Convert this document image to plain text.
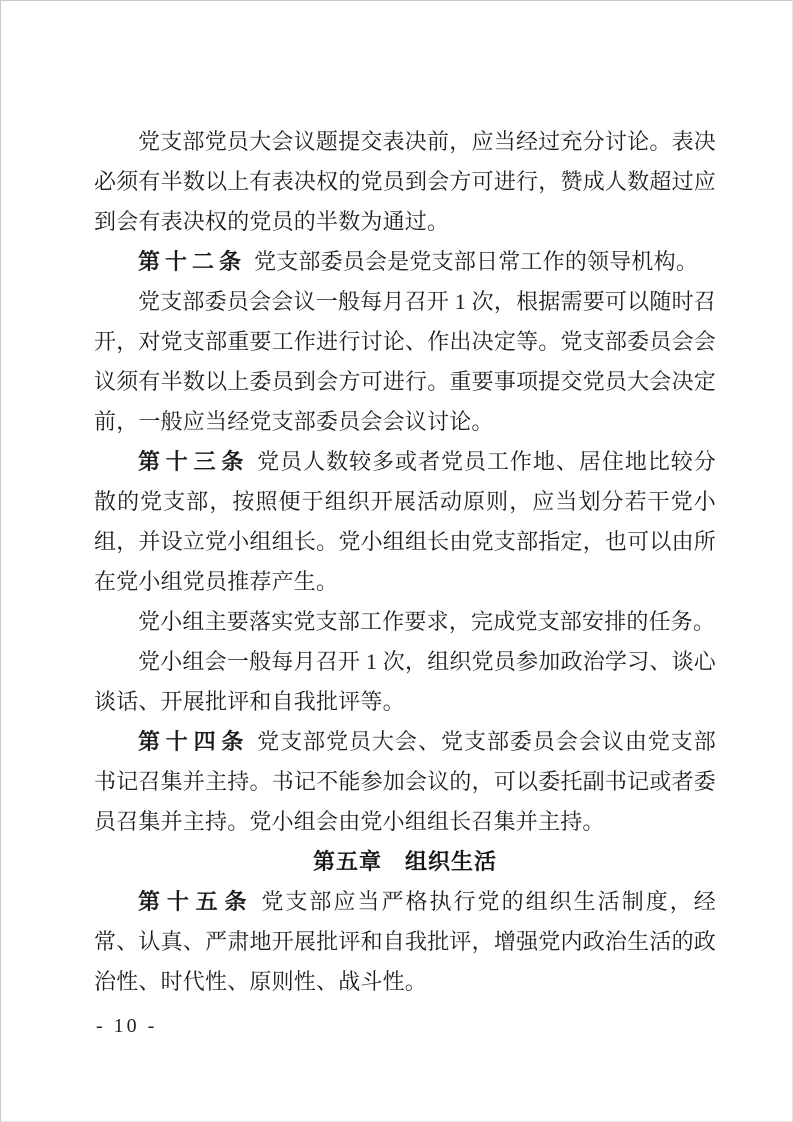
党支部党员大会议题提交表决前，应当经过充分讨论。表决必须有半数以上有表决权的党员到会方可进行，赞成人数超过应到会有表决权的党员的半数为通过。

第十二条 党支部委员会是党支部日常工作的领导机构。

党支部委员会会议一般每月召开 1 次，根据需要可以随时召开，对党支部重要工作进行讨论、作出决定等。党支部委员会会议须有半数以上委员到会方可进行。重要事项提交党员大会决定前，一般应当经党支部委员会会议讨论。

第十三条 党员人数较多或者党员工作地、居住地比较分散的党支部，按照便于组织开展活动原则，应当划分若干党小组，并设立党小组组长。党小组组长由党支部指定，也可以由所在党小组党员推荐产生。

党小组主要落实党支部工作要求，完成党支部安排的任务。

党小组会一般每月召开 1 次，组织党员参加政治学习、谈心谈话、开展批评和自我批评等。

第十四条 党支部党员大会、党支部委员会会议由党支部书记召集并主持。书记不能参加会议的，可以委托副书记或者委员召集并主持。党小组会由党小组组长召集并主持。

第五章　组织生活

第十五条 党支部应当严格执行党的组织生活制度，经常、认真、严肃地开展批评和自我批评，增强党内政治生活的政治性、时代性、原则性、战斗性。

- 10 -
